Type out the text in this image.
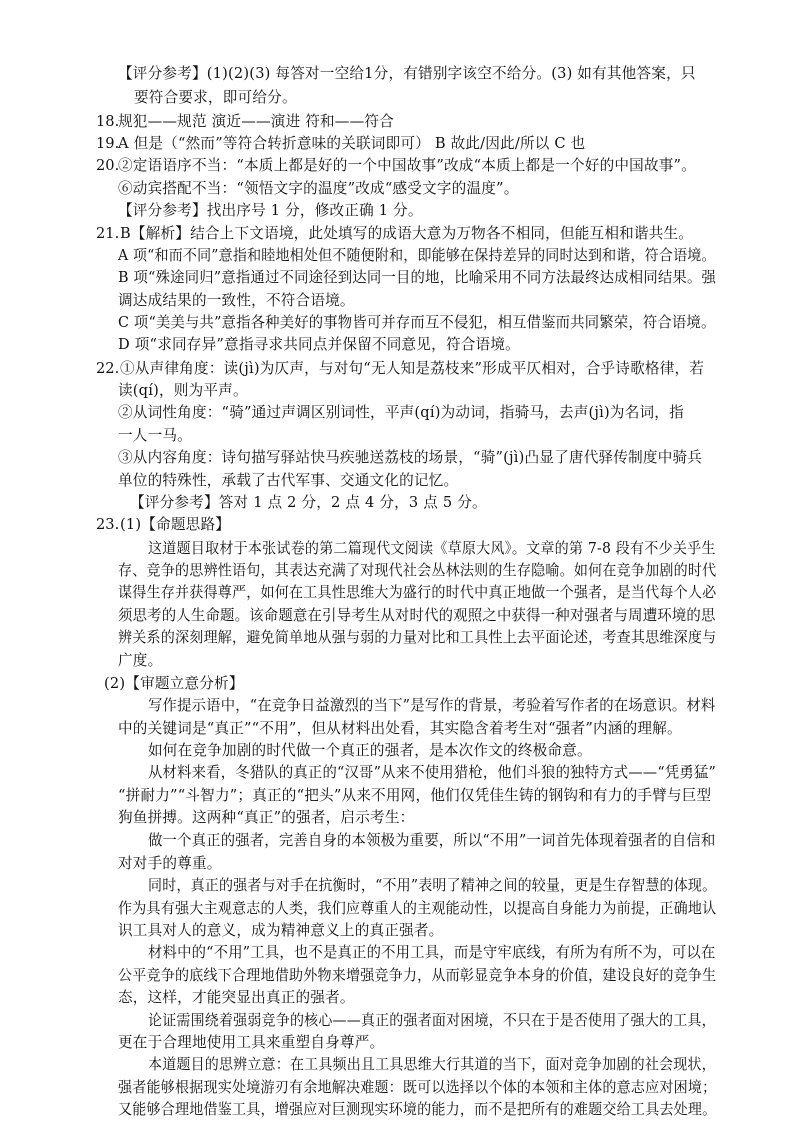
【评分参考】(1)(2)(3) 每答对一空给1分，有错别字该空不给分。(3) 如有其他答案，只
要符合要求，即可给分。
18.
规犯——规范 演近——演进 符和——符合
19.
A 但是（“然而”等符合转折意味的关联词即可） B 故此/因此/所以 C 也
20.
②定语语序不当：“本质上都是好的一个中国故事”改成“本质上都是一个好的中国故事”。
⑥动宾搭配不当：“领悟文字的温度”改成“感受文字的温度”。
【评分参考】找出序号 1 分，修改正确 1 分。
21. B【解析】结合上下文语境，此处填写的成语大意为万物各不相同，但能互相和谐共生。
A 项“和而不同”意指和睦地相处但不随便附和，即能够在保持差异的同时达到和谐，符合语境。
B 项“殊途同归”意指通过不同途径到达同一目的地，比喻采用不同方法最终达成相同结果。强
调达成结果的一致性，不符合语境。
C 项“美美与共”意指各种美好的事物皆可并存而互不侵犯，相互借鉴而共同繁荣，符合语境。
D 项“求同存异”意指寻求共同点并保留不同意见，符合语境。
22. ①从声律角度：读(jì)为仄声，与对句“无人知是荔枝来”形成平仄相对，合乎诗歌格律，若
读(qí)，则为平声。
②从词性角度：“骑”通过声调区别词性，平声(qí)为动词，指骑马，去声(jì)为名词，指
一人一马。
③从内容角度：诗句描写驿站快马疾驰送荔枝的场景，“骑”(jì)凸显了唐代驿传制度中骑兵
单位的特殊性，承载了古代军事、交通文化的记忆。
【评分参考】答对 1 点 2 分，2 点 4 分，3 点 5 分。
23. (1)【命题思路】
这道题目取材于本张试卷的第二篇现代文阅读《草原大风》。文章的第 7-8 段有不少关乎生
存、竞争的思辨性语句，其表达充满了对现代社会丛林法则的生存隐喻。如何在竞争加剧的时代
谋得生存并获得尊严，如何在工具性思维大为盛行的时代中真正地做一个强者，是当代每个人必
须思考的人生命题。该命题意在引导考生从对时代的观照之中获得一种对强者与周遭环境的思
辨关系的深刻理解，避免简单地从强与弱的力量对比和工具性上去平面论述，考查其思维深度与
广度。
(2)【审题立意分析】
写作提示语中，“在竞争日益激烈的当下”是写作的背景，考验着写作者的在场意识。材料
中的关键词是“真正”“不用”，但从材料出处看，其实隐含着考生对“强者”内涵的理解。
如何在竞争加剧的时代做一个真正的强者，是本次作文的终极命意。
从材料来看，冬猎队的真正的“汉哥”从来不使用猎枪，他们斗狼的独特方式——“凭勇猛”
“拼耐力”“斗智力”；真正的“把头”从来不用网，他们仅凭佳生铸的钢钩和有力的手臂与巨型
狗鱼拼搏。这两种“真正”的强者，启示考生：
做一个真正的强者，完善自身的本领极为重要，所以“不用”一词首先体现着强者的自信和
对对手的尊重。
同时，真正的强者与对手在抗衡时，“不用”表明了精神之间的较量，更是生存智慧的体现。
作为具有强大主观意志的人类，我们应尊重人的主观能动性，以提高自身能力为前提，正确地认
识工具对人的意义，成为精神意义上的真正强者。
材料中的“不用”工具，也不是真正的不用工具，而是守牢底线，有所为有所不为，可以在
公平竞争的底线下合理地借助外物来增强竞争力，从而彰显竞争本身的价值，建设良好的竞争生
态，这样，才能突显出真正的强者。
论证需围绕着强弱竞争的核心——真正的强者面对困境，不只在于是否使用了强大的工具，
更在于合理地使用工具来重塑自身尊严。
本道题目的思辨立意：在工具频出且工具思维大行其道的当下，面对竞争加剧的社会现状，
强者能够根据现实处境游刃有余地解决难题：既可以选择以个体的本领和主体的意志应对困境；
又能够合理地借鉴工具，增强应对巨测现实环境的能力，而不是把所有的难题交给工具去处理。
